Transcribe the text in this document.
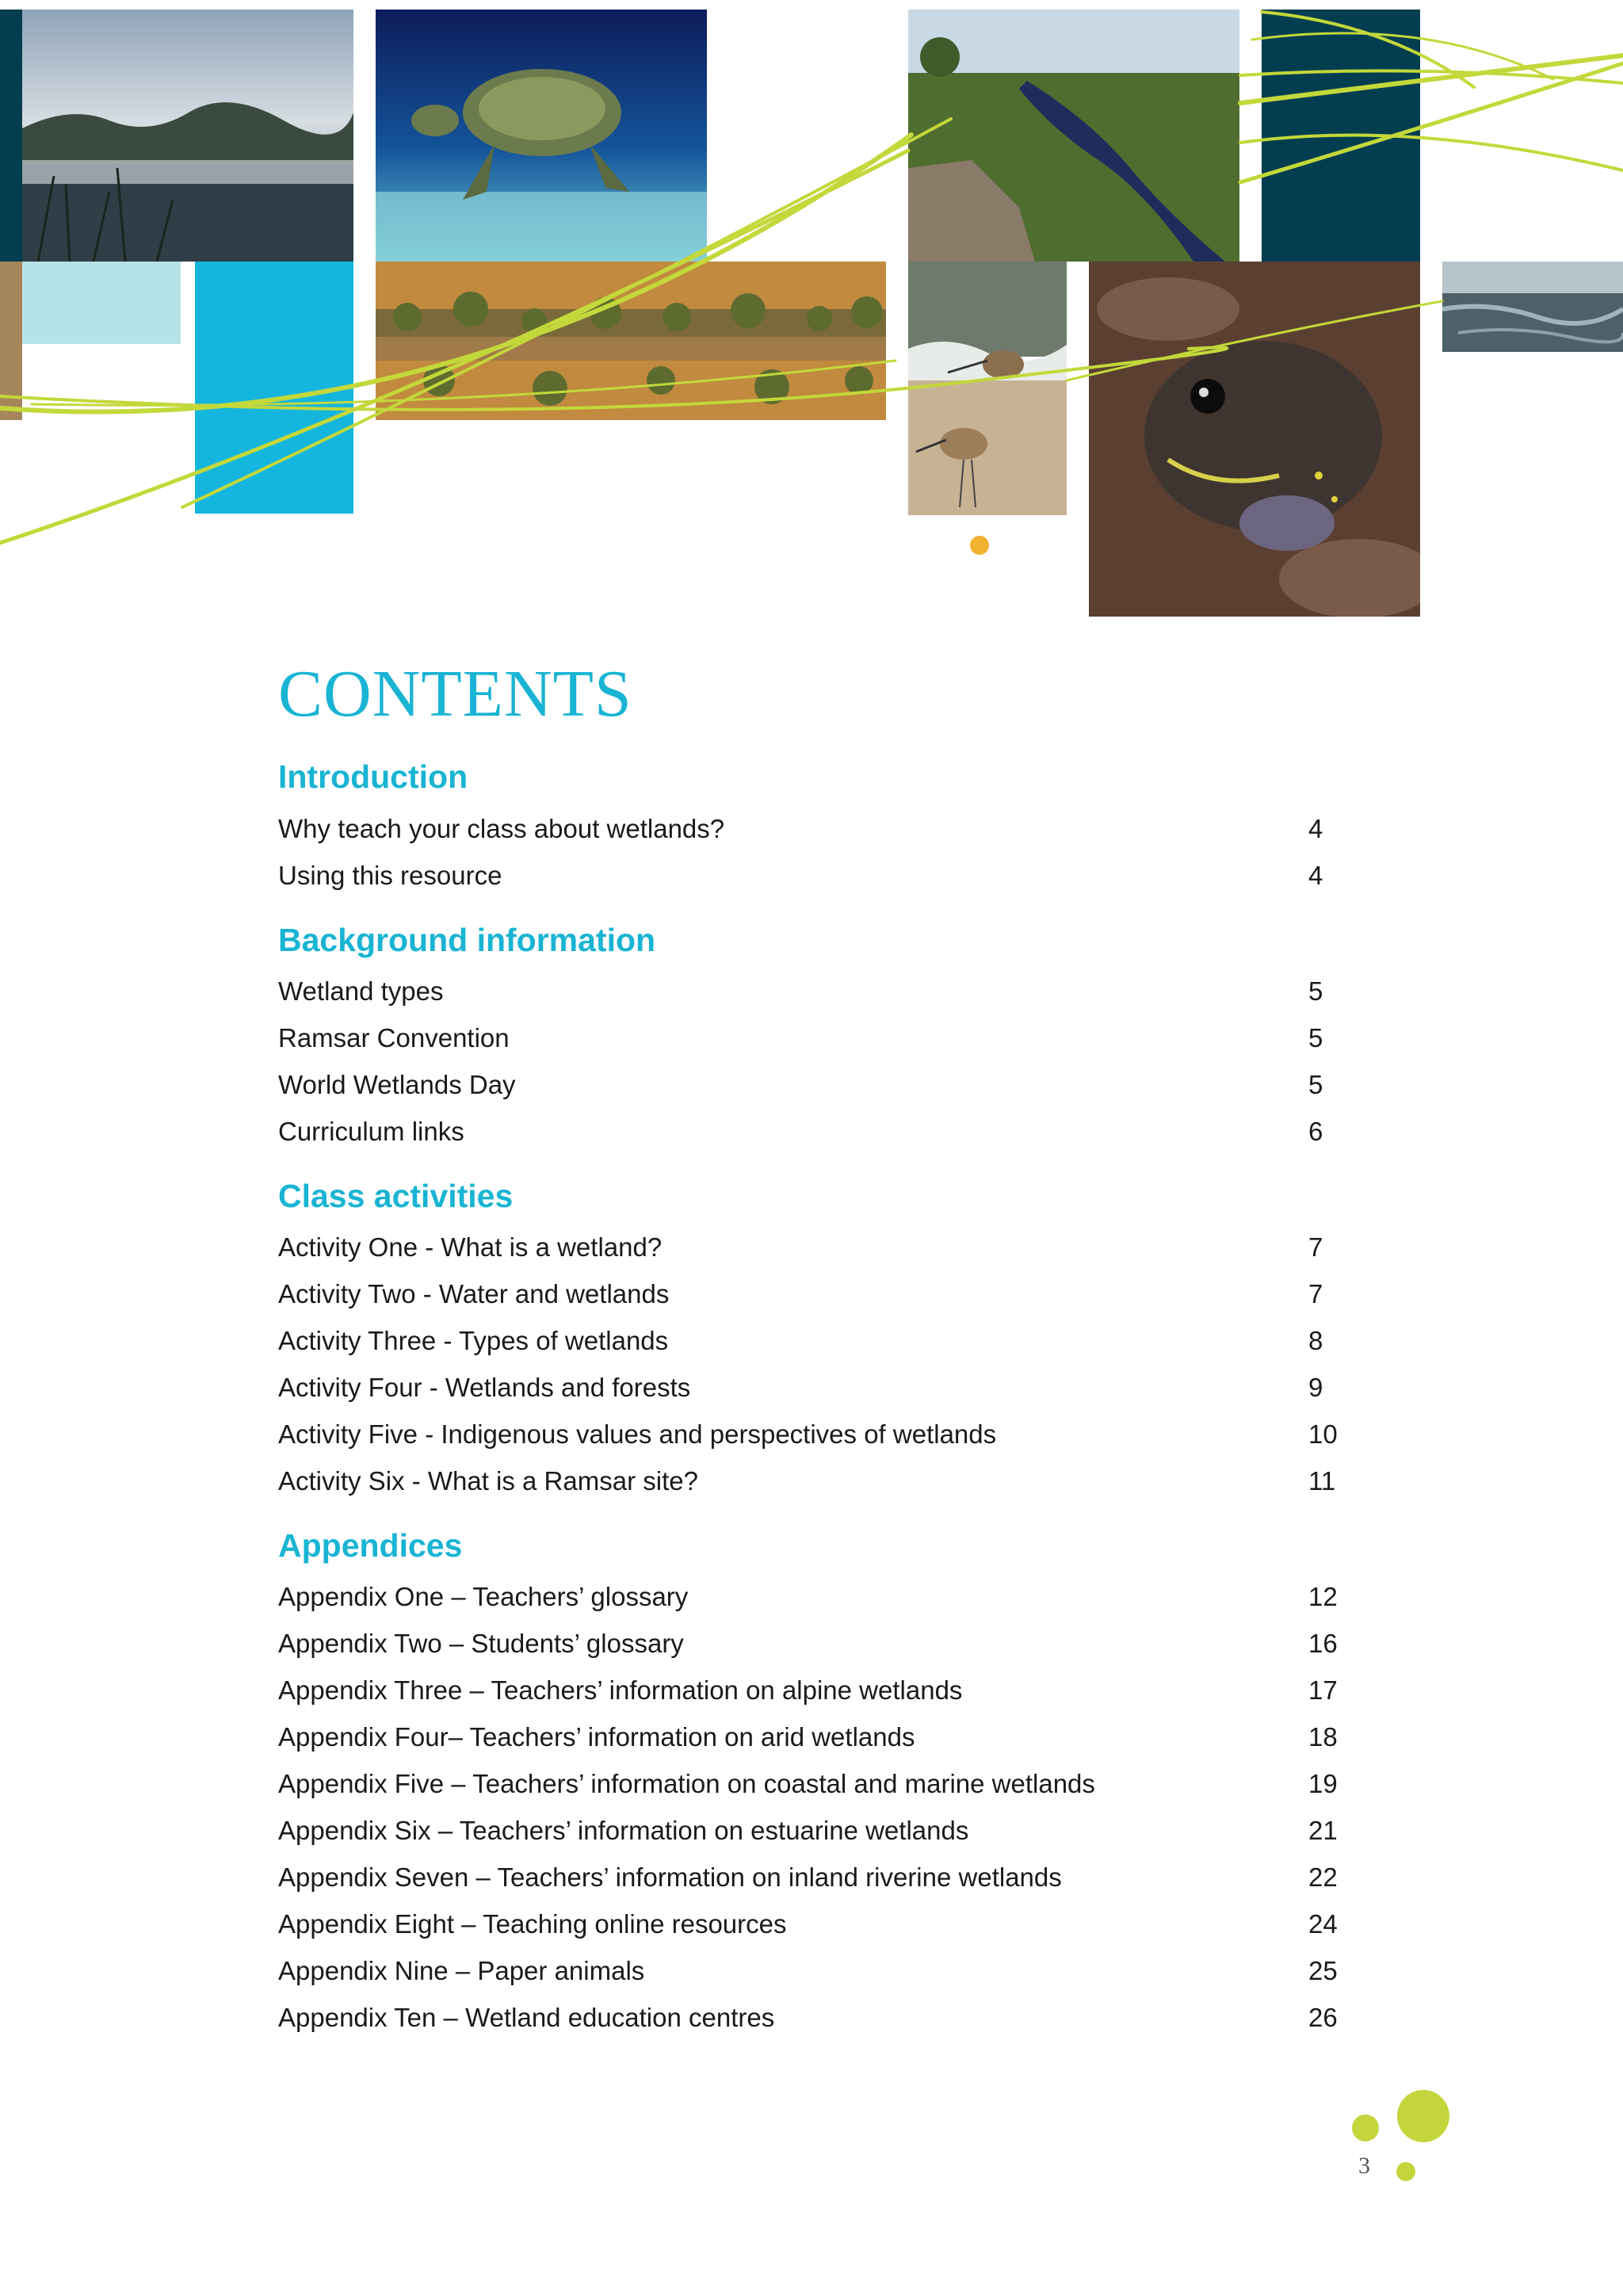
CONTENTS
Introduction
Why teach your class about wetlands?	4
Using this resource	4
Background information
Wetland types	5
Ramsar Convention	5
World Wetlands Day	5
Curriculum links	6
Class activities
Activity One - What is a wetland?	7
Activity Two - Water and wetlands	7
Activity Three - Types of wetlands	8
Activity Four - Wetlands and forests	9
Activity Five - Indigenous values and perspectives of wetlands	10
Activity Six - What is a Ramsar site?	11
Appendices
Appendix One – Teachers’ glossary	12
Appendix Two – Students’ glossary	16
Appendix Three – Teachers’ information on alpine wetlands	17
Appendix Four– Teachers’ information on arid wetlands	18
Appendix Five – Teachers’ information on coastal and marine wetlands	19
Appendix Six – Teachers’ information on estuarine wetlands	21
Appendix Seven – Teachers’ information on inland riverine wetlands	22
Appendix Eight – Teaching online resources	24
Appendix Nine – Paper animals	25
Appendix Ten – Wetland education centres	26
3
